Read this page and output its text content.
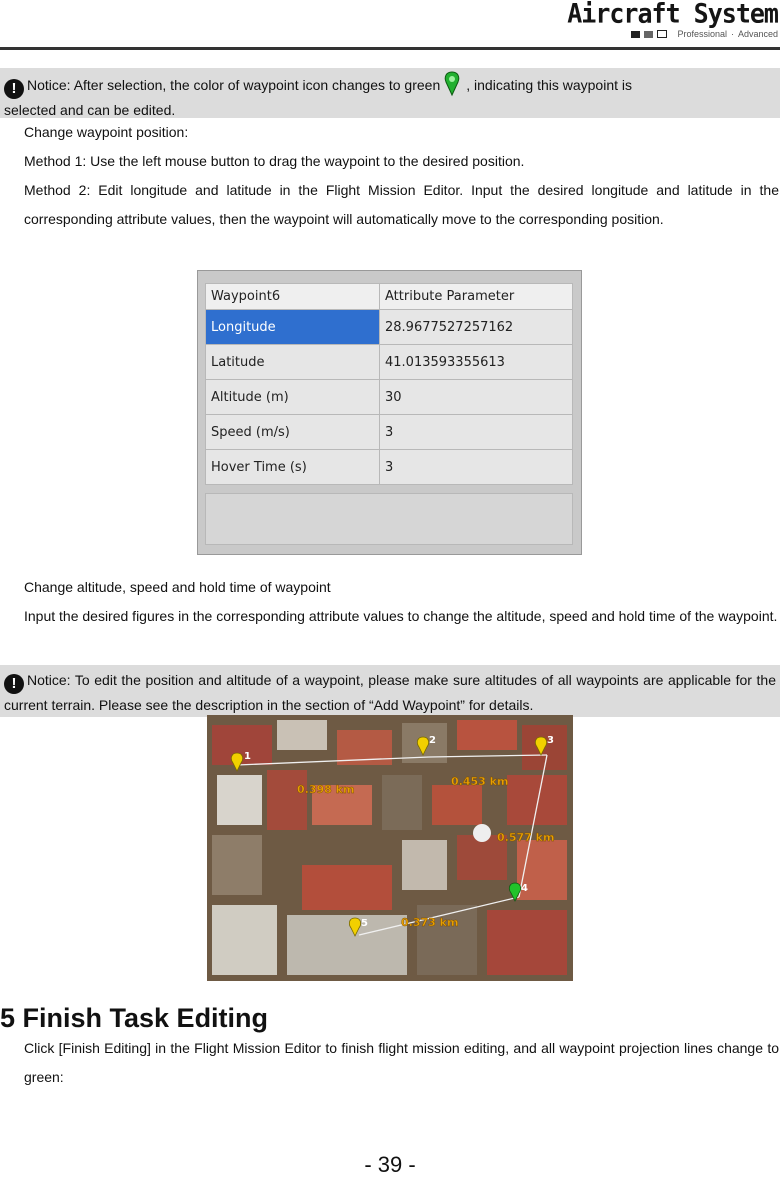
Aircraft System
Professional · Advanced
! Notice: After selection, the color of waypoint icon changes to green , indicating this waypoint is
selected and can be edited.
Change waypoint position:
Method 1: Use the left mouse button to drag the waypoint to the desired position.
Method 2: Edit longitude and latitude in the Flight Mission Editor. Input the desired longitude and latitude in the corresponding attribute values, then the waypoint will automatically move to the corresponding position.
Waypoint6	Attribute Parameter
Longitude	28.9677527257162
Latitude	41.013593355613
Altitude (m)	30
Speed (m/s)	3
Hover Time (s)	3
Change altitude, speed and hold time of waypoint
Input the desired figures in the corresponding attribute values to change the altitude, speed and hold time of the waypoint.
! Notice: To edit the position and altitude of a waypoint, please make sure altitudes of all waypoints are applicable for the current terrain. Please see the description in the section of “Add Waypoint” for details.
1
2	3
4
5
0.398 km
0.453 km
0.577 km
0.373 km
5 Finish Task Editing
Click [Finish Editing] in the Flight Mission Editor to finish flight mission editing, and all waypoint projection lines change to green:
- 39 -
